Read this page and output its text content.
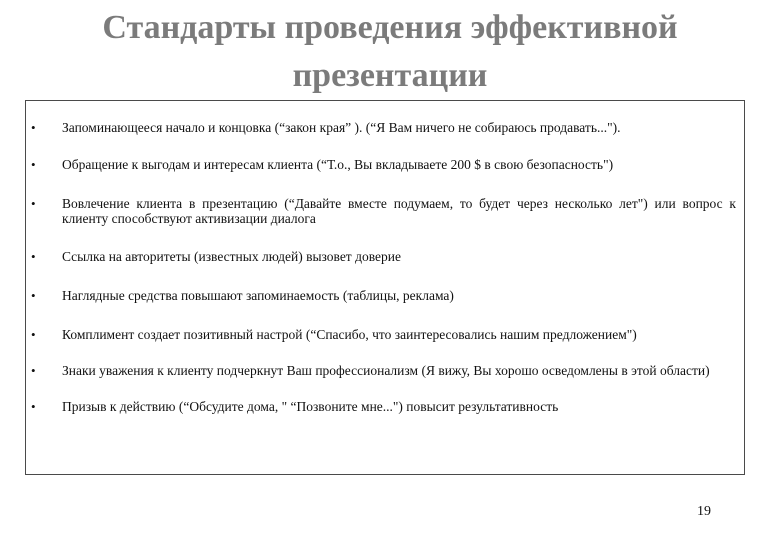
Стандарты проведения эффективной
презентации
• Запоминающееся начало и концовка (“закон края” ). (“Я Вам ничего не собираюсь продавать...").
• Обращение к выгодам и интересам клиента (“Т.о., Вы вкладываете 200 $ в свою безопасность")
• Вовлечение клиента в презентацию (“Давайте вместе подумаем, то будет через несколько лет") или вопрос к клиенту способствуют активизации диалога
• Ссылка на авторитеты (известных людей) вызовет доверие
• Наглядные средства повышают запоминаемость (таблицы, реклама)
• Комплимент создает позитивный настрой (“Спасибо, что заинтересовались нашим предложением")
• Знаки уважения к клиенту подчеркнут Ваш профессионализм (Я вижу, Вы хорошо осведомлены в этой области)
• Призыв к действию (“Обсудите дома, " “Позвоните мне...") повысит результативность
19
